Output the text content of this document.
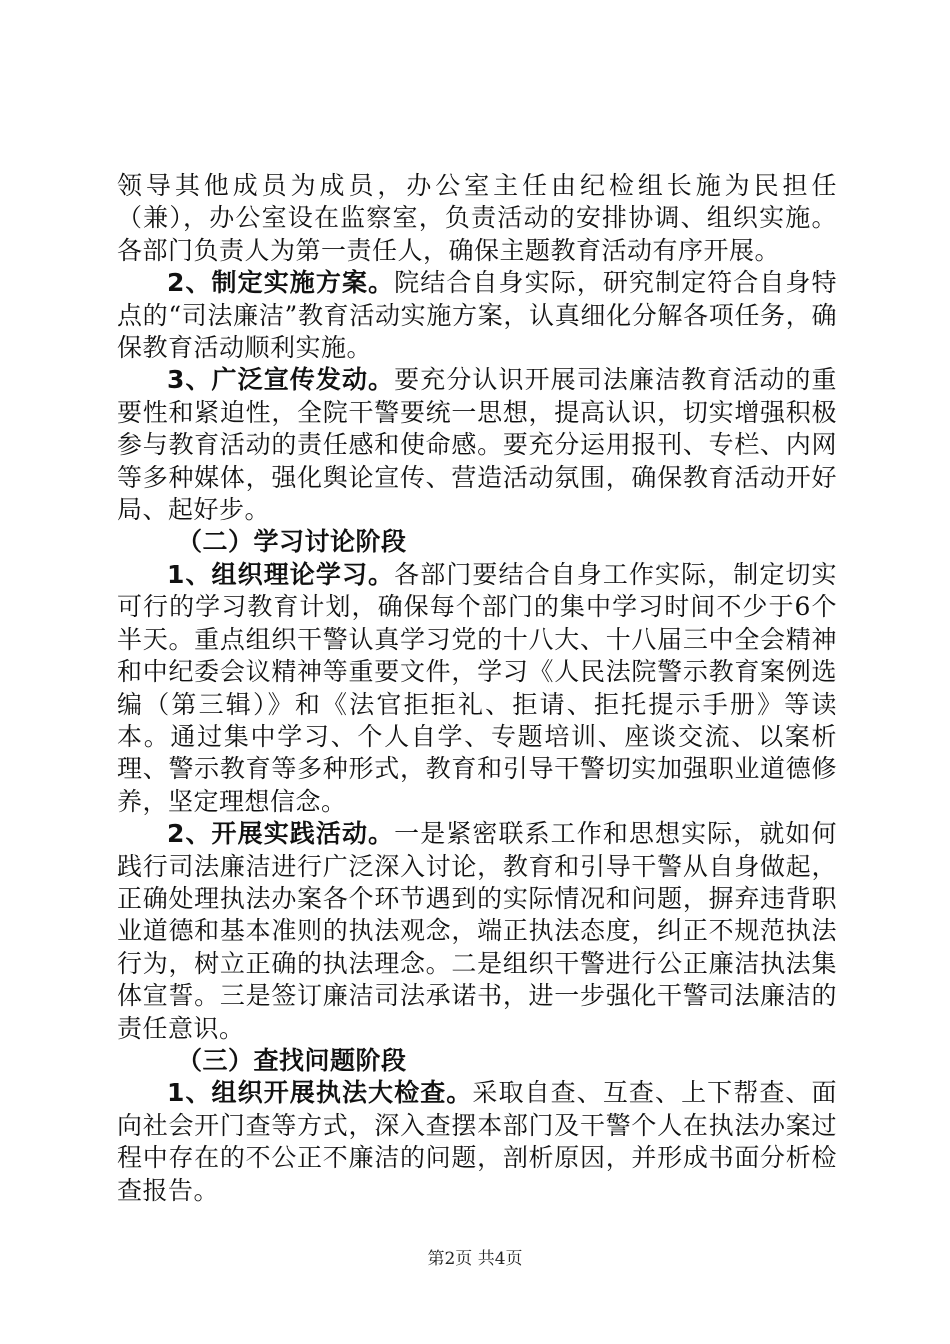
领导其他成员为成员，办公室主任由纪检组长施为民担任（兼），办公室设在监察室，负责活动的安排协调、组织实施。各部门负责人为第一责任人，确保主题教育活动有序开展。

2、制定实施方案。院结合自身实际，研究制定符合自身特点的“司法廉洁”教育活动实施方案，认真细化分解各项任务，确保教育活动顺利实施。

3、广泛宣传发动。要充分认识开展司法廉洁教育活动的重要性和紧迫性，全院干警要统一思想，提高认识，切实增强积极参与教育活动的责任感和使命感。要充分运用报刊、专栏、内网等多种媒体，强化舆论宣传、营造活动氛围，确保教育活动开好局、起好步。

（二）学习讨论阶段

1、组织理论学习。各部门要结合自身工作实际，制定切实可行的学习教育计划，确保每个部门的集中学习时间不少于6个半天。重点组织干警认真学习党的十八大、十八届三中全会精神和中纪委会议精神等重要文件，学习《人民法院警示教育案例选编（第三辑）》和《法官拒拒礼、拒请、拒托提示手册》等读本。通过集中学习、个人自学、专题培训、座谈交流、以案析理、警示教育等多种形式，教育和引导干警切实加强职业道德修养，坚定理想信念。

2、开展实践活动。一是紧密联系工作和思想实际，就如何践行司法廉洁进行广泛深入讨论，教育和引导干警从自身做起，正确处理执法办案各个环节遇到的实际情况和问题，摒弃违背职业道德和基本准则的执法观念，端正执法态度，纠正不规范执法行为，树立正确的执法理念。二是组织干警进行公正廉洁执法集体宣誓。三是签订廉洁司法承诺书，进一步强化干警司法廉洁的责任意识。

（三）查找问题阶段

1、组织开展执法大检查。采取自查、互查、上下帮查、面向社会开门查等方式，深入查摆本部门及干警个人在执法办案过程中存在的不公正不廉洁的问题，剖析原因，并形成书面分析检查报告。

第2页 共4页
